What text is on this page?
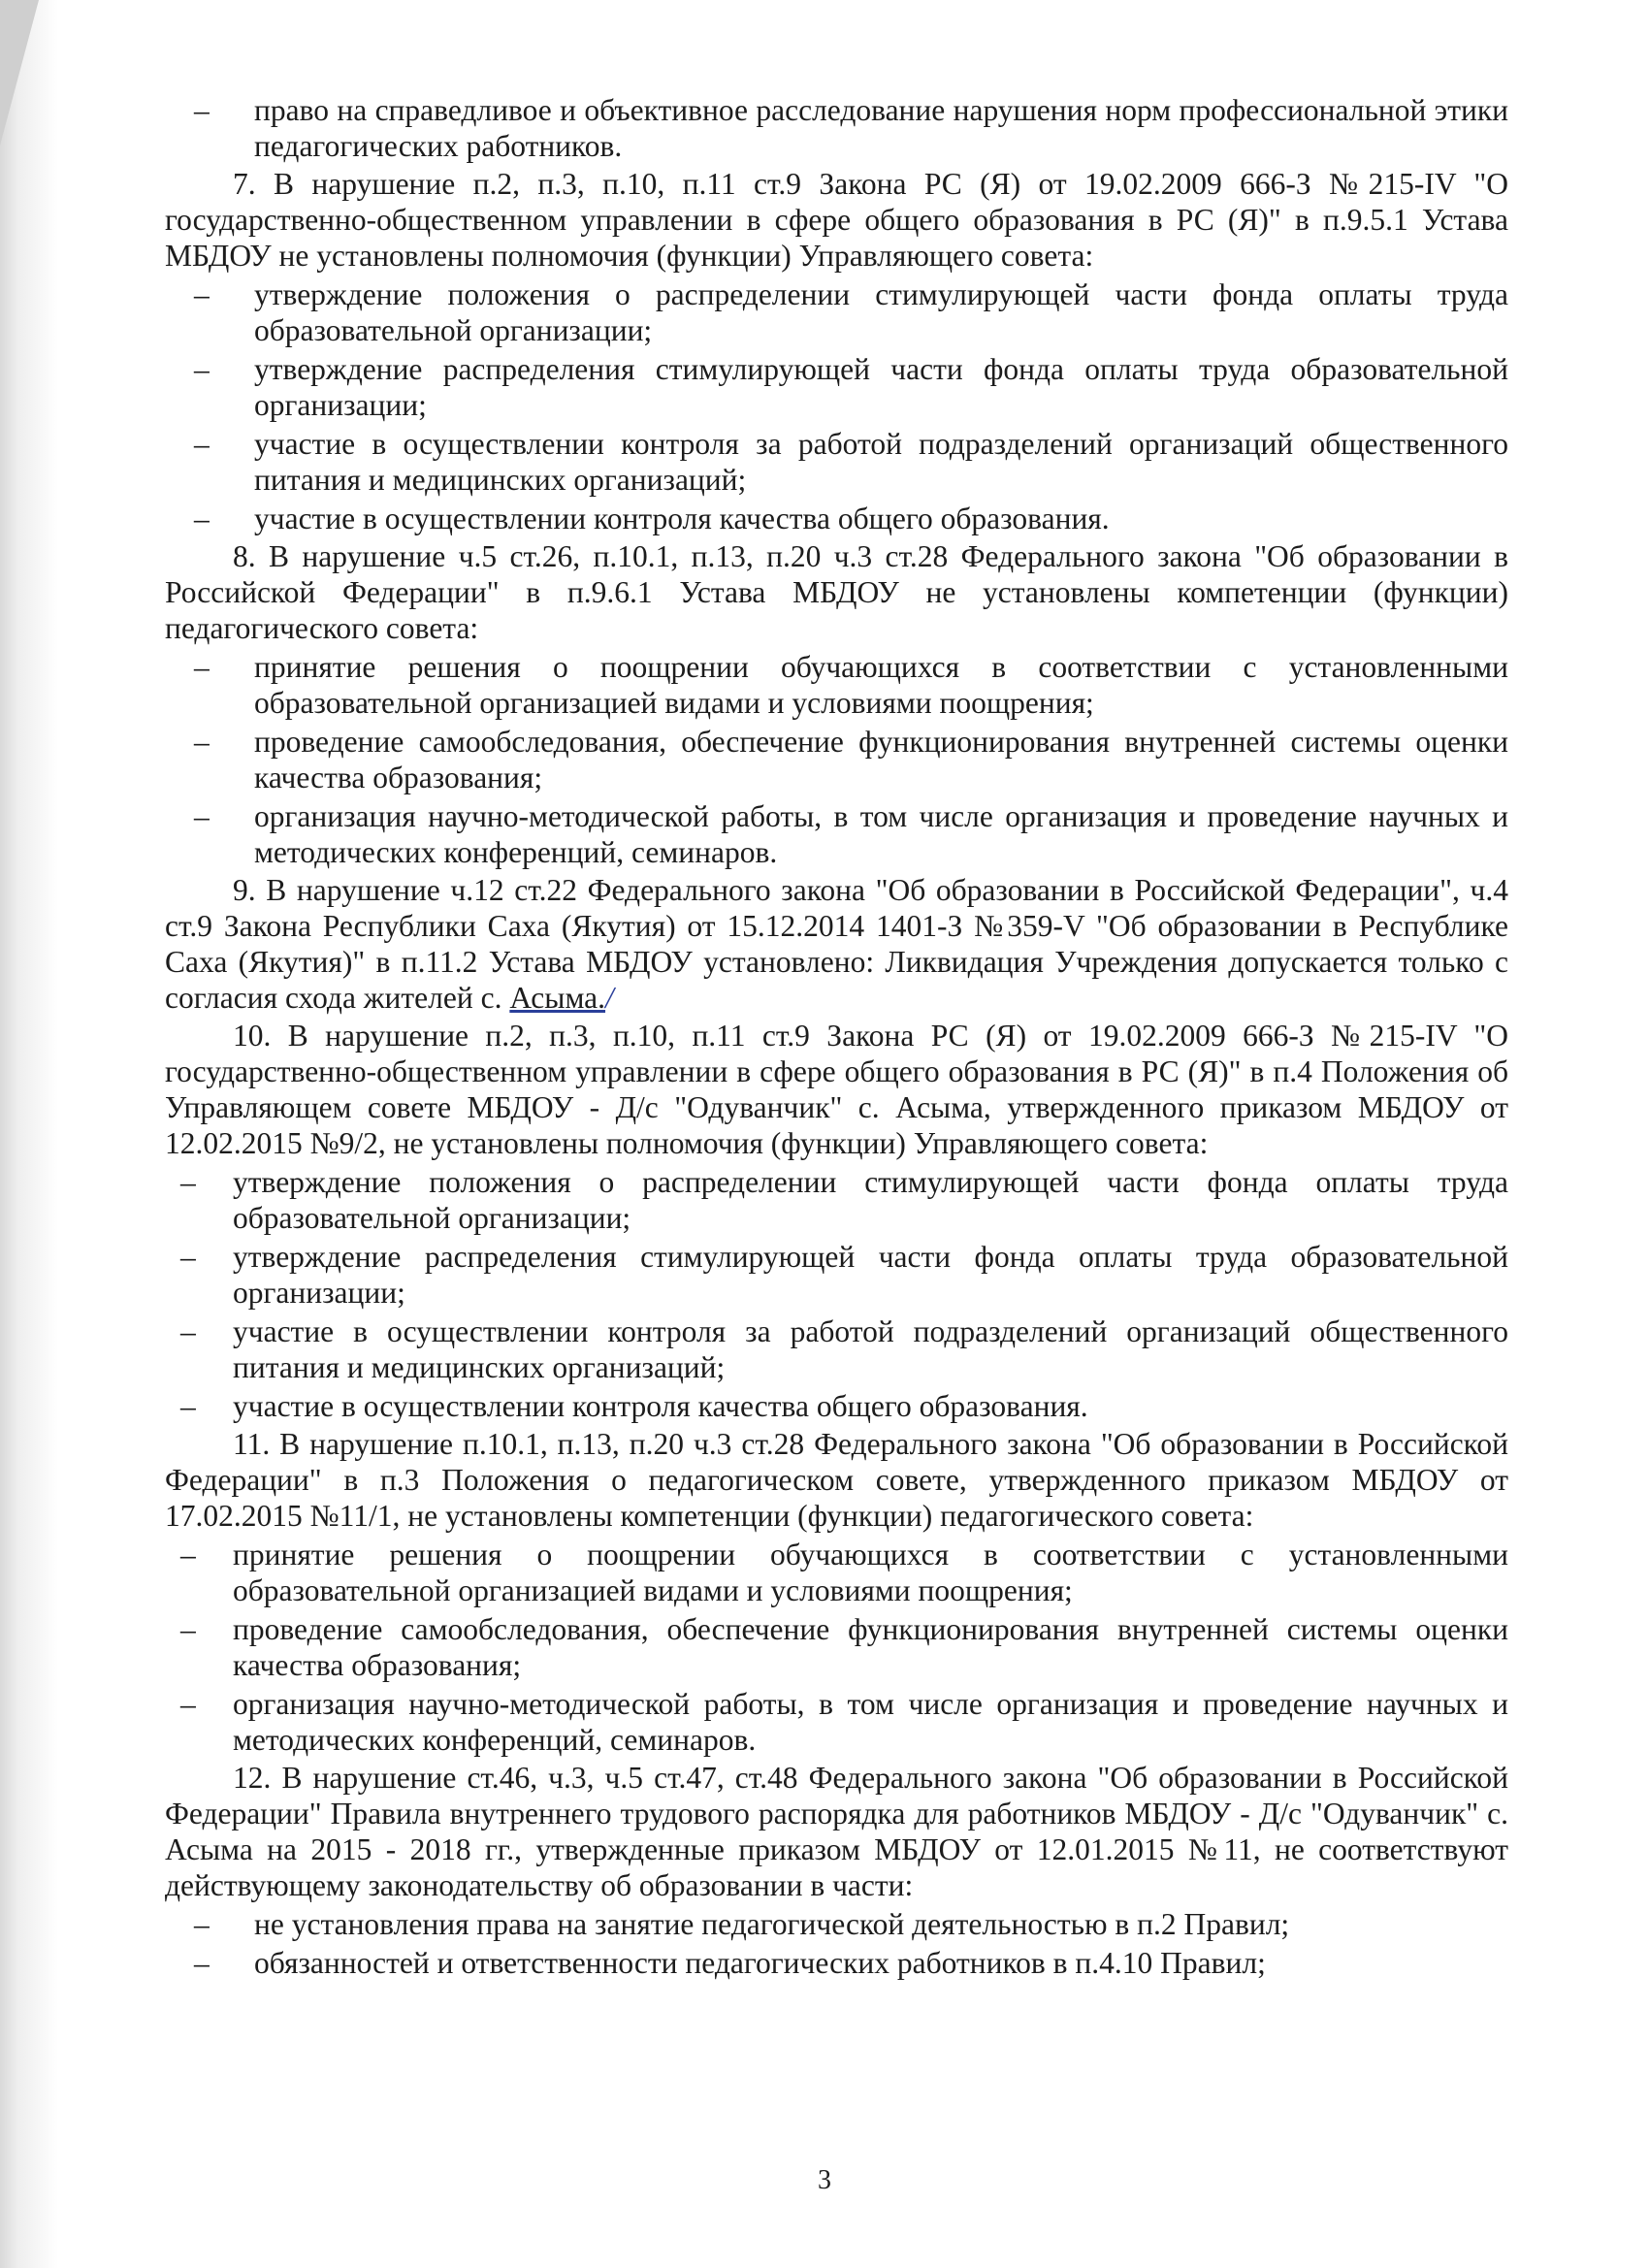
– право на справедливое и объективное расследование нарушения норм профессиональной этики педагогических работников.

7. В нарушение п.2, п.3, п.10, п.11 ст.9 Закона РС (Я) от 19.02.2009 666-З №215-IV "О государственно-общественном управлении в сфере общего образования в РС (Я)" в п.9.5.1 Устава МБДОУ не установлены полномочия (функции) Управляющего совета:

– утверждение положения о распределении стимулирующей части фонда оплаты труда образовательной организации;
– утверждение распределения стимулирующей части фонда оплаты труда образовательной организации;
– участие в осуществлении контроля за работой подразделений организаций общественного питания и медицинских организаций;
– участие в осуществлении контроля качества общего образования.

8. В нарушение ч.5 ст.26, п.10.1, п.13, п.20 ч.3 ст.28 Федерального закона "Об образовании в Российской Федерации" в п.9.6.1 Устава МБДОУ не установлены компетенции (функции) педагогического совета:

– принятие решения о поощрении обучающихся в соответствии с установленными образовательной организацией видами и условиями поощрения;
– проведение самообследования, обеспечение функционирования внутренней системы оценки качества образования;
– организация научно-методической работы, в том числе организация и проведение научных и методических конференций, семинаров.

9. В нарушение ч.12 ст.22 Федерального закона "Об образовании в Российской Федерации", ч.4 ст.9 Закона Республики Саха (Якутия) от 15.12.2014 1401-З №359-V "Об образовании в Республике Саха (Якутия)" в п.11.2 Устава МБДОУ установлено: Ликвидация Учреждения допускается только с согласия схода жителей с. Асыма./

10. В нарушение п.2, п.3, п.10, п.11 ст.9 Закона РС (Я) от 19.02.2009 666-З №215-IV "О государственно-общественном управлении в сфере общего образования в РС (Я)" в п.4 Положения об Управляющем совете МБДОУ - Д/с "Одуванчик" с. Асыма, утвержденного приказом МБДОУ от 12.02.2015 №9/2, не установлены полномочия (функции) Управляющего совета:

– утверждение положения о распределении стимулирующей части фонда оплаты труда образовательной организации;
– утверждение распределения стимулирующей части фонда оплаты труда образовательной организации;
– участие в осуществлении контроля за работой подразделений организаций общественного питания и медицинских организаций;
– участие в осуществлении контроля качества общего образования.

11. В нарушение п.10.1, п.13, п.20 ч.3 ст.28 Федерального закона "Об образовании в Российской Федерации" в п.3 Положения о педагогическом совете, утвержденного приказом МБДОУ от 17.02.2015 №11/1, не установлены компетенции (функции) педагогического совета:

– принятие решения о поощрении обучающихся в соответствии с установленными образовательной организацией видами и условиями поощрения;
– проведение самообследования, обеспечение функционирования внутренней системы оценки качества образования;
– организация научно-методической работы, в том числе организация и проведение научных и методических конференций, семинаров.

12. В нарушение ст.46, ч.3, ч.5 ст.47, ст.48 Федерального закона "Об образовании в Российской Федерации" Правила внутреннего трудового распорядка для работников МБДОУ - Д/с "Одуванчик" с. Асыма на 2015 - 2018 гг., утвержденные приказом МБДОУ от 12.01.2015 №11, не соответствуют действующему законодательству об образовании в части:

– не установления права на занятие педагогической деятельностью в п.2 Правил;
– обязанностей и ответственности педагогических работников в п.4.10 Правил;
3
